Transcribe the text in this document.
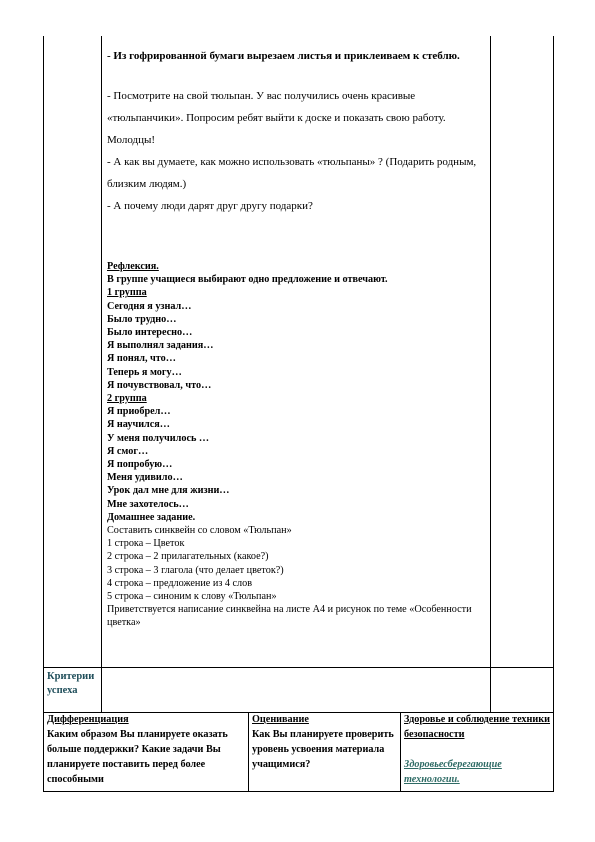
- Из гофрированной бумаги вырезаем листья и приклеиваем к стеблю.
- Посмотрите на свой тюльпан. У вас получились очень красивые «тюльпанчики». Попросим ребят выйти к доске и показать свою работу. Молодцы!
- А как вы думаете, как можно использовать «тюльпаны» ? (Подарить родным, близким людям.)
- А почему люди дарят друг другу подарки?
Рефлексия.
В группе учащиеся выбирают одно предложение и отвечают.
1 группа
Сегодня я узнал…
Было трудно…
Было интересно…
Я выполнял задания…
Я понял, что…
Теперь я могу…
Я почувствовал, что…
2 группа
Я приобрел…
Я научился…
У меня получилось …
Я смог…
Я попробую…
Меня удивило…
Урок дал мне для жизни…
Мне захотелось…
Домашнее задание.
Составить синквейн со словом «Тюльпан»
1 строка – Цветок
2 строка – 2 прилагательных (какое?)
3 строка – 3 глагола (что делает цветок?)
4 строка – предложение из 4 слов
5 строка – синоним к слову «Тюльпан»
Приветствуется написание синквейна на листе А4 и рисунок по теме «Особенности цветка»
Критерии успеха
Дифференциация
Каким образом Вы планируете оказать больше поддержки? Какие задачи Вы планируете поставить перед более способными
Оценивание
Как Вы планируете проверить уровень усвоения материала учащимися?
Здоровье и соблюдение техники безопасности
Здоровьесберегающие технологии.
